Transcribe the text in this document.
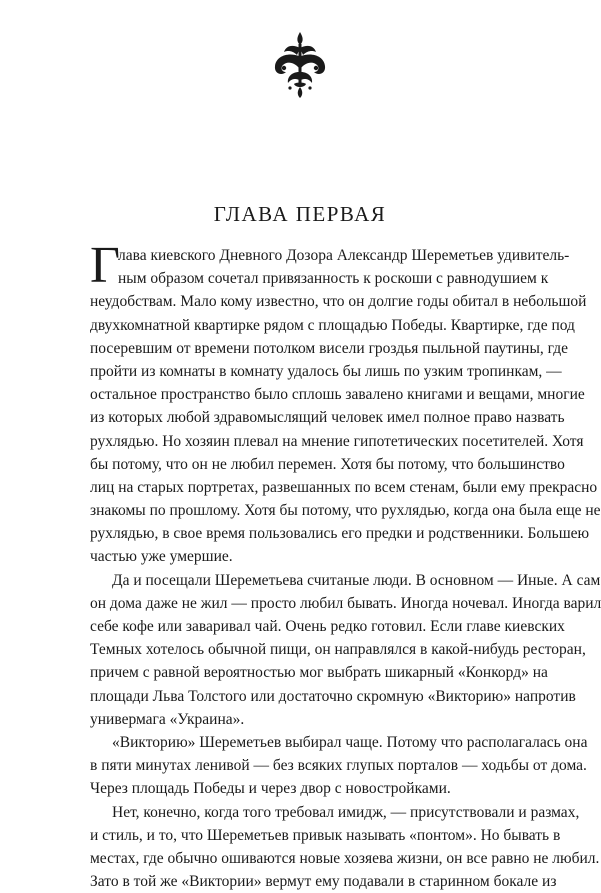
ГЛАВА ПЕРВАЯ
Г
лава киевского Дневного Дозора Александр Шереметьев удивитель-
ным образом сочетал привязанность к роскоши с равнодушием к
неудобствам. Мало кому известно, что он долгие годы обитал в небольшой
двухкомнатной квартирке рядом с площадью Победы. Квартирке, где под
посеревшим от времени потолком висели гроздья пыльной паутины, где
пройти из комнаты в комнату удалось бы лишь по узким тропинкам, —
остальное пространство было сплошь завалено книгами и вещами, многие
из которых любой здравомыслящий человек имел полное право назвать
рухлядью. Но хозяин плевал на мнение гипотетических посетителей. Хотя
бы потому, что он не любил перемен. Хотя бы потому, что большинство
лиц на старых портретах, развешанных по всем стенам, были ему прекрасно
знакомы по прошлому. Хотя бы потому, что рухлядью, когда она была еще не
рухлядью, в свое время пользовались его предки и родственники. Большею
частью уже умершие.
Да и посещали Шереметьева считаные люди. В основном — Иные. А сам
он дома даже не жил — просто любил бывать. Иногда ночевал. Иногда варил
себе кофе или заваривал чай. Очень редко готовил. Если главе киевских
Темных хотелось обычной пищи, он направлялся в какой-нибудь ресторан,
причем с равной вероятностью мог выбрать шикарный «Конкорд» на
площади Льва Толстого или достаточно скромную «Викторию» напротив
универмага «Украина».
«Викторию» Шереметьев выбирал чаще. Потому что располагалась она
в пяти минутах ленивой — без всяких глупых порталов — ходьбы от дома.
Через площадь Победы и через двор с новостройками.
Нет, конечно, когда того требовал имидж, — присутствовали и размах,
и стиль, и то, что Шереметьев привык называть «понтом». Но бывать в
местах, где обычно ошиваются новые хозяева жизни, он все равно не любил.
Зато в той же «Виктории» вермут ему подавали в старинном бокале из
